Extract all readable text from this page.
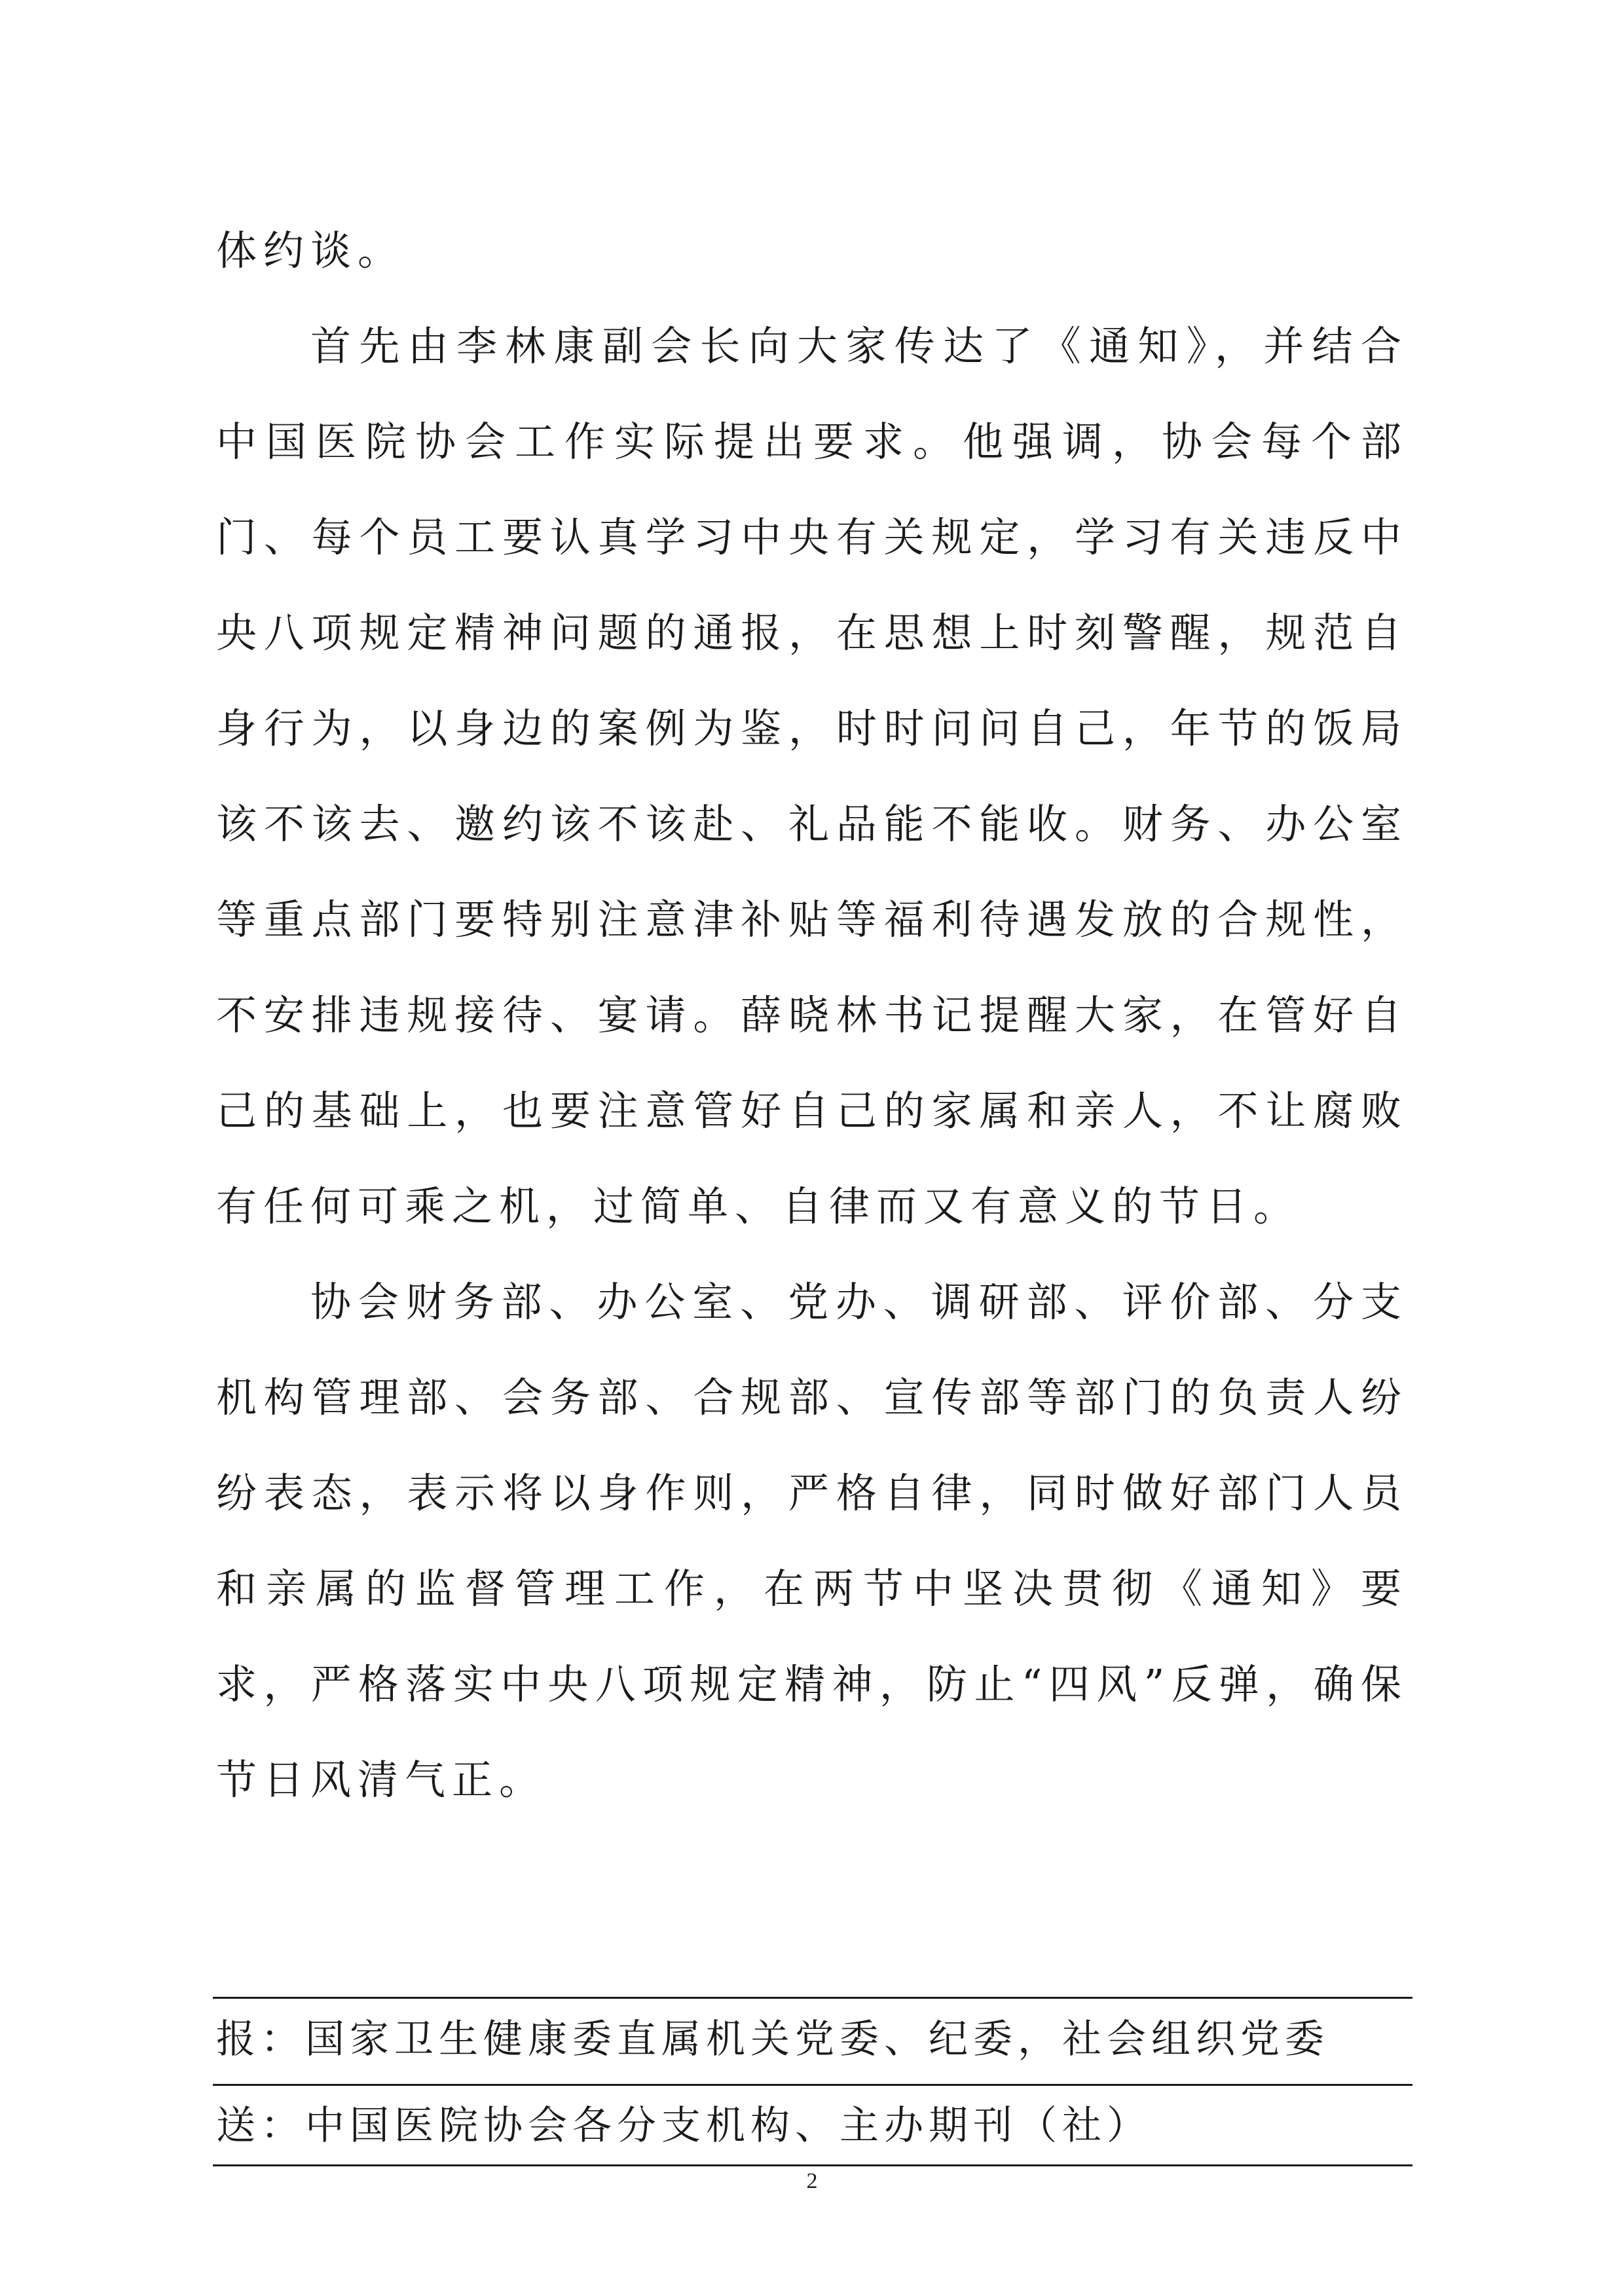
体约谈。

首先由李林康副会长向大家传达了《通知》，并结合中国医院协会工作实际提出要求。他强调，协会每个部门、每个员工要认真学习中央有关规定，学习有关违反中央八项规定精神问题的通报，在思想上时刻警醒，规范自身行为，以身边的案例为鉴，时时问问自己，年节的饭局该不该去、邀约该不该赴、礼品能不能收。财务、办公室等重点部门要特别注意津补贴等福利待遇发放的合规性，不安排违规接待、宴请。薛晓林书记提醒大家，在管好自己的基础上，也要注意管好自己的家属和亲人，不让腐败有任何可乘之机，过简单、自律而又有意义的节日。

协会财务部、办公室、党办、调研部、评价部、分支机构管理部、会务部、合规部、宣传部等部门的负责人纷纷表态，表示将以身作则，严格自律，同时做好部门人员和亲属的监督管理工作，在两节中坚决贯彻《通知》要求，严格落实中央八项规定精神，防止“四风”反弹，确保节日风清气正。

报：国家卫生健康委直属机关党委、纪委，社会组织党委
送：中国医院协会各分支机构、主办期刊（社）
2
